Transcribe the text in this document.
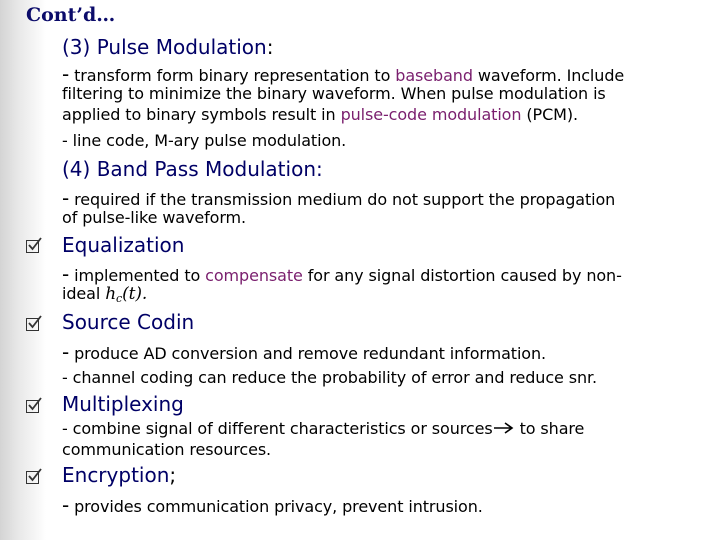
Cont’d…
(3) Pulse Modulation:
- transform form binary representation to baseband waveform. Include
filtering to minimize the binary waveform. When pulse modulation is
applied to binary symbols result in pulse-code modulation (PCM).
- line code, M-ary pulse modulation.
(4) Band Pass Modulation:
- required if the transmission medium do not support the propagation
of pulse-like waveform.
Equalization
- implemented to compensate for any signal distortion caused by non-
ideal $h_c(t)$.
Source Codin
- produce AD conversion and remove redundant information.
- channel coding can reduce the probability of error and reduce snr.
Multiplexing
- combine signal of different characteristics or sources to share
communication resources.
Encryption;
- provides communication privacy, prevent intrusion.
